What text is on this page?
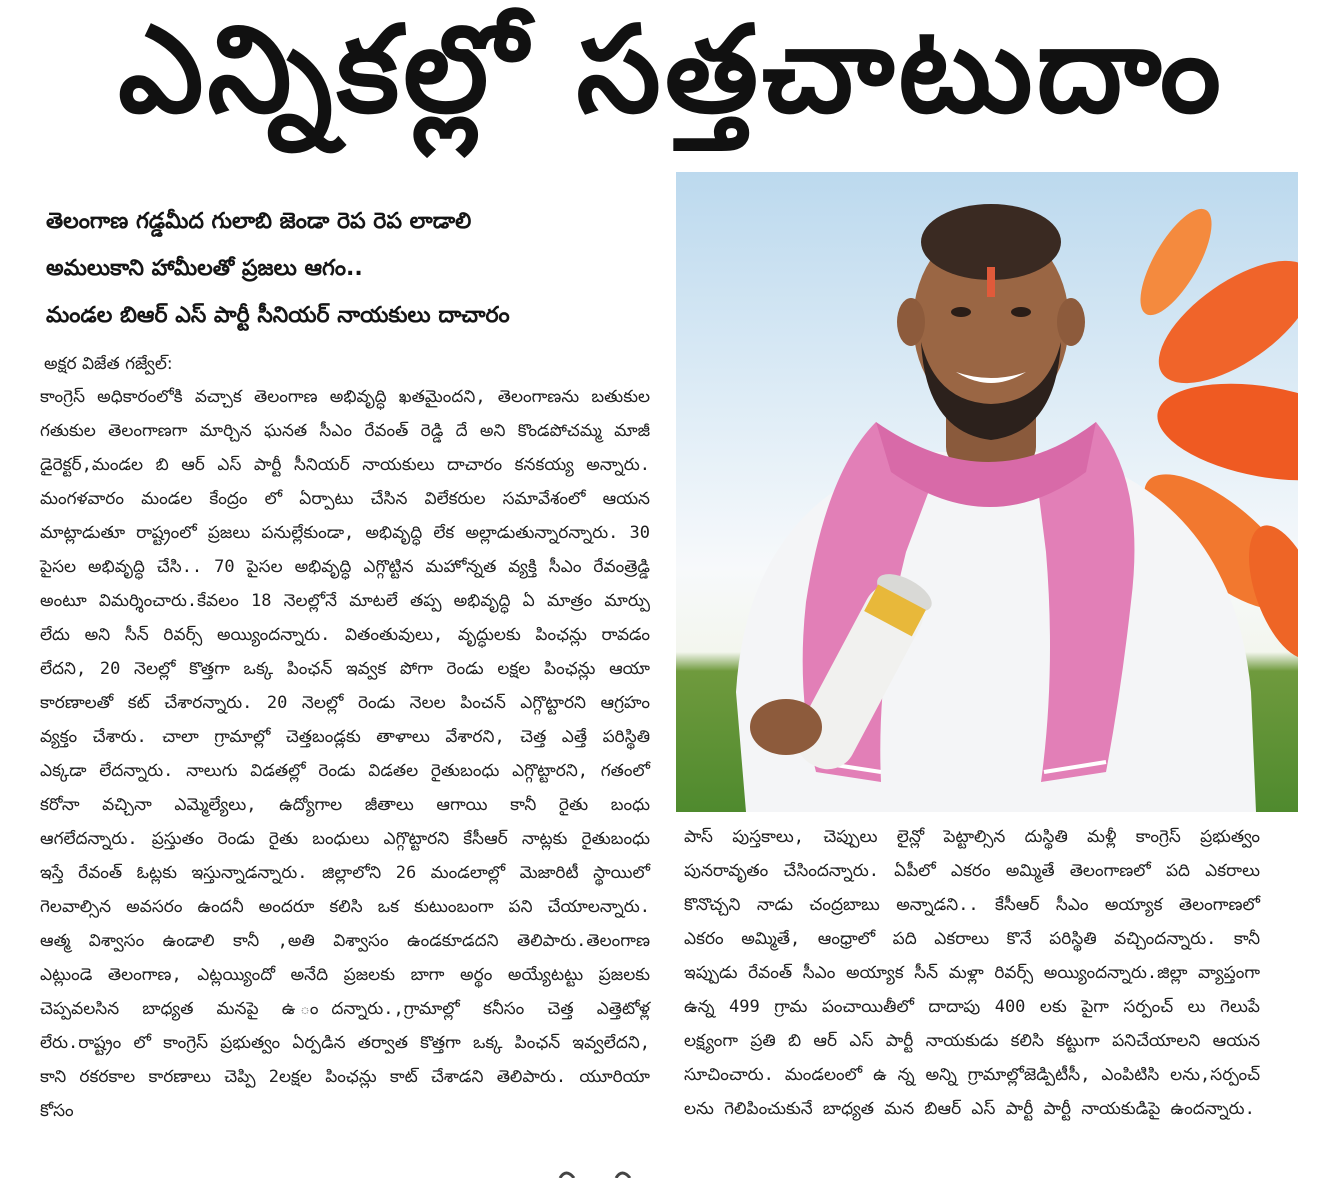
ఎన్నికల్లో సత్తచాటుదాం
తెలంగాణ గడ్డమీద గులాబి జెండా రెప రెప లాడాలి
అమలుకాని హామీలతో ప్రజలు ఆగం..
మండల బిఆర్ ఎస్ పార్టీ సీనియర్ నాయకులు దాచారం
అక్షర విజేత గజ్వేల్:

కాంగ్రెస్ అధికారంలోకి వచ్చాక తెలంగాణ అభివృద్ధి ఖతమైందని, తెలంగాణను బతుకుల గతుకుల తెలంగాణగా మార్చిన ఘనత సీఎం రేవంత్ రెడ్డి దే అని కొండపోచమ్మ మాజీ డైరెక్టర్,మండల బి ఆర్ ఎస్ పార్టీ సీనియర్ నాయకులు దాచారం కనకయ్య అన్నారు. మంగళవారం మండల కేంద్రం లో ఏర్పాటు చేసిన విలేకరుల సమావేశంలో ఆయన మాట్లాడుతూ రాష్ట్రంలో ప్రజలు పనుల్లేకుండా, అభివృద్ధి లేక అల్లాడుతున్నారన్నారు. 30 పైసల అభివృద్ధి చేసి.. 70 పైసల అభివృద్ధి ఎగ్గొట్టిన మహోన్నత వ్యక్తి సీఎం రేవంత్రెడ్డి అంటూ విమర్శించారు.కేవలం 18 నెలల్లోనే మాటలే తప్ప అభివృద్ధి ఏ మాత్రం మార్పు లేదు అని సీన్ రివర్స్ అయ్యిందన్నారు. వితంతువులు, వృద్ధులకు పింఛన్లు రావడం లేదని, 20 నెలల్లో కొత్తగా ఒక్క పింఛన్ ఇవ్వక పోగా రెండు లక్షల పింఛన్లు ఆయా కారణాలతో కట్ చేశారన్నారు. 20 నెలల్లో రెండు నెలల పించన్ ఎగ్గొట్టారని ఆగ్రహం వ్యక్తం చేశారు. చాలా గ్రామాల్లో చెత్తబండ్లకు తాళాలు వేశారని, చెత్త ఎత్తే పరిస్థితి ఎక్కడా లేదన్నారు. నాలుగు విడతల్లో రెండు విడతల రైతుబంధు ఎగ్గొట్టారని, గతంలో కరోనా వచ్చినా ఎమ్మెల్యేలు, ఉద్యోగాల జీతాలు ఆగాయి కానీ రైతు బంధు ఆగలేదన్నారు. ప్రస్తుతం రెండు రైతు బంధులు ఎగ్గొట్టారని కేసీఆర్ నాట్లకు రైతుబంధు ఇస్తే రేవంత్ ఓట్లకు ఇస్తున్నాడన్నారు. జిల్లాలోని 26 మండలాల్లో మెజారిటీ స్థాయిలో గెలవాల్సిన అవసరం ఉందనీ అందరూ కలిసి ఒక కుటుంబంగా పని చేయాలన్నారు. ఆత్మ విశ్వాసం ఉండాలి కానీ ,అతి విశ్వాసం ఉండకూడదని తెలిపారు.తెలంగాణ ఎట్లుండె తెలంగాణ, ఎట్లయ్యిందో అనేది ప్రజలకు బాగా అర్థం అయ్యేటట్టు ప్రజలకు చెప్పవలసిన బాధ్యత మనపై ఉ ందన్నారు.,గ్రామాల్లో కనీసం చెత్త ఎత్తెటోళ్ల లేరు.రాష్ట్రం లో కాంగ్రెస్ ప్రభుత్వం ఏర్పడిన తర్వాత కొత్తగా ఒక్క పింఛన్ ఇవ్వలేదని, కాని రకరకాల కారణాలు చెప్పి 2లక్షల పింఛన్లు కాట్ చేశాడని తెలిపారు. యూరియా కోసం

పాస్ పుస్తకాలు, చెప్పులు లైన్లో పెట్టాల్సిన దుస్థితి మళ్లీ కాంగ్రెస్ ప్రభుత్వం పునరావృతం చేసిందన్నారు. ఏపీలో ఎకరం అమ్మితే తెలంగాణలో పది ఎకరాలు కొనొచ్చని నాడు చంద్రబాబు అన్నాడని.. కేసీఆర్ సీఎం అయ్యాక తెలంగాణలో ఎకరం అమ్మితే, ఆంధ్రాలో పది ఎకరాలు కొనే పరిస్థితి వచ్చిందన్నారు. కానీ ఇప్పుడు రేవంత్ సీఎం అయ్యాక సీన్ మళ్లా రివర్స్ అయ్యిందన్నారు.జిల్లా వ్యాప్తంగా ఉన్న 499 గ్రామ పంచాయితీలో దాదాపు 400 లకు పైగా సర్పంచ్ లు గెలుపే లక్ష్యంగా ప్రతి బి ఆర్ ఎస్ పార్టీ నాయకుడు కలిసి కట్టుగా పనిచేయాలని ఆయన సూచించారు. మండలంలో ఉ న్న అన్ని గ్రామాల్లోజెడ్పిటీసీ, ఎంపిటిసి లను,సర్పంచ్ లను గెలిపించుకునే బాధ్యత మన బిఆర్ ఎస్ పార్టీ పార్టీ నాయకుడిపై ఉందన్నారు.
